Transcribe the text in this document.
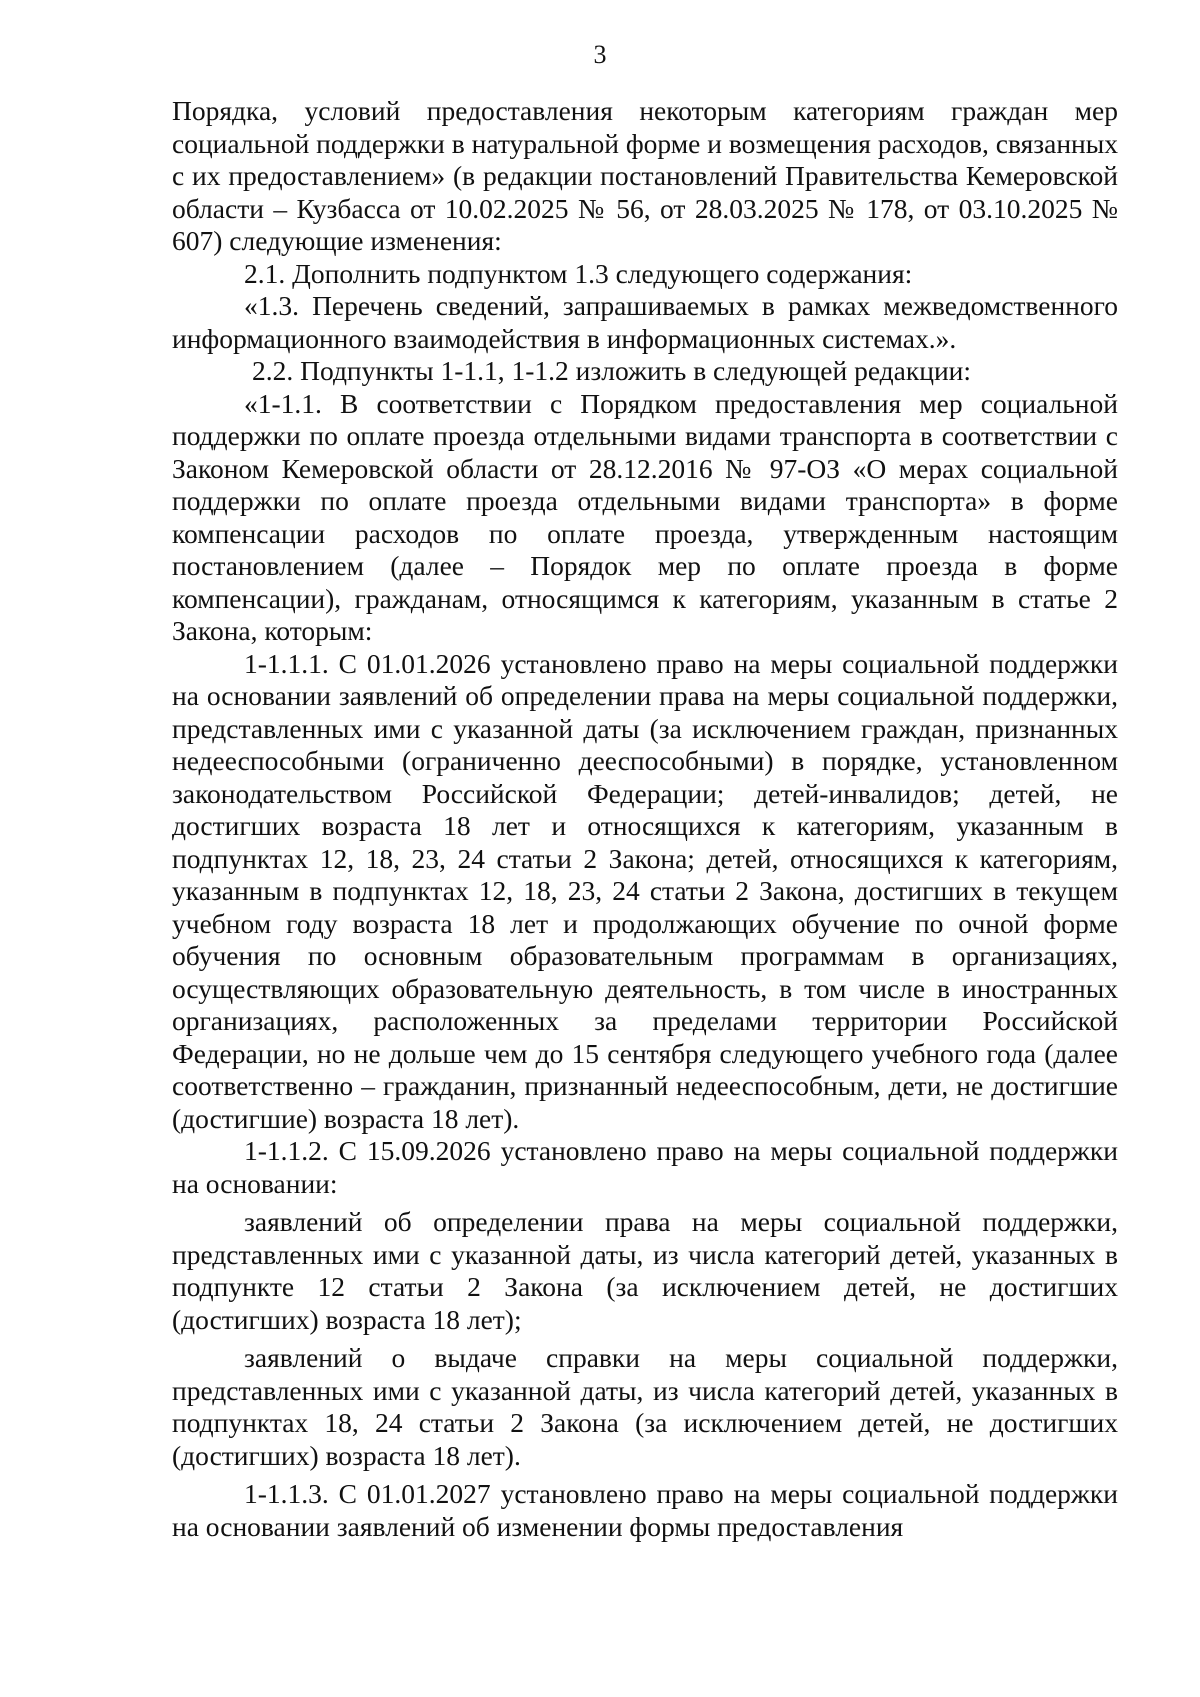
3

Порядка, условий предоставления некоторым категориям граждан мер социальной поддержки в натуральной форме и возмещения расходов, связанных с их предоставлением» (в редакции постановлений Правительства Кемеровской области – Кузбасса от 10.02.2025 № 56, от 28.03.2025 № 178, от 03.10.2025 № 607) следующие изменения:

2.1. Дополнить подпунктом 1.3 следующего содержания:

«1.3. Перечень сведений, запрашиваемых в рамках межведомственного информационного взаимодействия в информационных системах.».

2.2. Подпункты 1-1.1, 1-1.2 изложить в следующей редакции:

«1-1.1. В соответствии с Порядком предоставления мер социальной поддержки по оплате проезда отдельными видами транспорта в соответствии с Законом Кемеровской области от 28.12.2016 № 97-ОЗ «О мерах социальной поддержки по оплате проезда отдельными видами транспорта» в форме компенсации расходов по оплате проезда, утвержденным настоящим постановлением (далее – Порядок мер по оплате проезда в форме компенсации), гражданам, относящимся к категориям, указанным в статье 2 Закона, которым:

1-1.1.1. С 01.01.2026 установлено право на меры социальной поддержки на основании заявлений об определении права на меры социальной поддержки, представленных ими с указанной даты (за исключением граждан, признанных недееспособными (ограниченно дееспособными) в порядке, установленном законодательством Российской Федерации; детей-инвалидов; детей, не достигших возраста 18 лет и относящихся к категориям, указанным в подпунктах 12, 18, 23, 24 статьи 2 Закона; детей, относящихся к категориям, указанным в подпунктах 12, 18, 23, 24 статьи 2 Закона, достигших в текущем учебном году возраста 18 лет и продолжающих обучение по очной форме обучения по основным образовательным программам в организациях, осуществляющих образовательную деятельность, в том числе в иностранных организациях, расположенных за пределами территории Российской Федерации, но не дольше чем до 15 сентября следующего учебного года (далее соответственно – гражданин, признанный недееспособным, дети, не достигшие (достигшие) возраста 18 лет).

1-1.1.2. С 15.09.2026 установлено право на меры социальной поддержки на основании:

заявлений об определении права на меры социальной поддержки, представленных ими с указанной даты, из числа категорий детей, указанных в подпункте 12 статьи 2 Закона (за исключением детей, не достигших (достигших) возраста 18 лет);

заявлений о выдаче справки на меры социальной поддержки, представленных ими с указанной даты, из числа категорий детей, указанных в подпунктах 18, 24 статьи 2 Закона (за исключением детей, не достигших (достигших) возраста 18 лет).

1-1.1.3. С 01.01.2027 установлено право на меры социальной поддержки на основании заявлений об изменении формы предоставления
